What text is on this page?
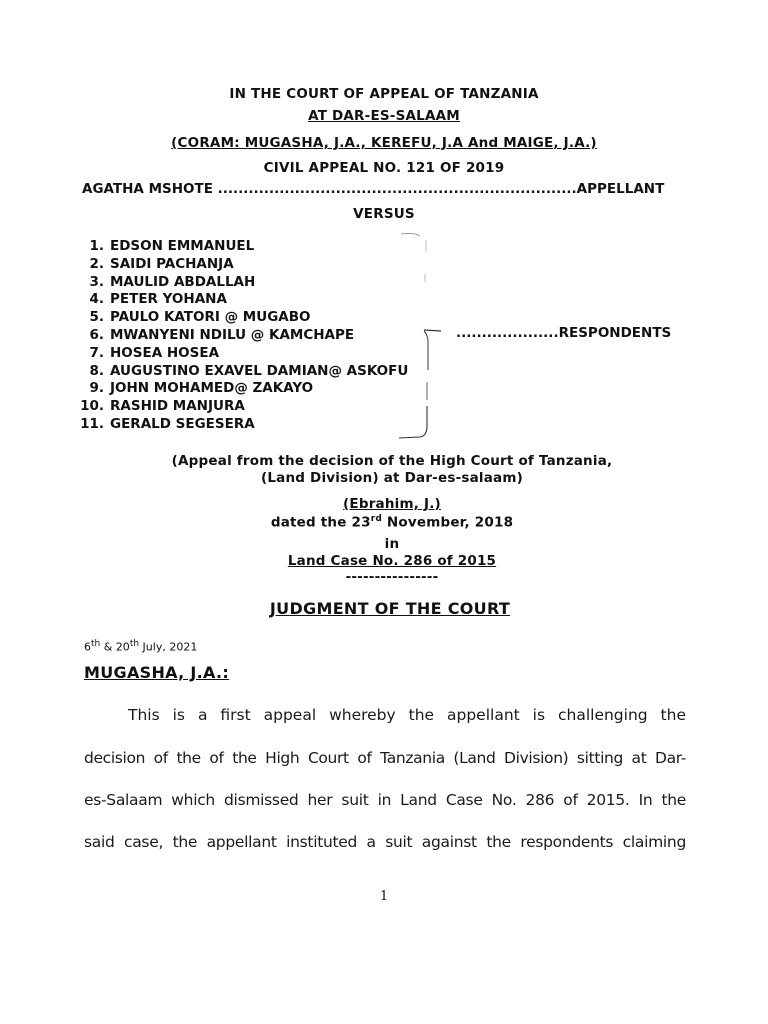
IN THE COURT OF APPEAL OF TANZANIA
AT DAR-ES-SALAAM
(CORAM: MUGASHA, J.A., KEREFU, J.A And MAIGE, J.A.)
CIVIL APPEAL NO. 121 OF 2019
AGATHA MSHOTE ......................................................................APPELLANT
VERSUS
1. EDSON EMMANUEL
2. SAIDI PACHANJA
3. MAULID ABDALLAH
4. PETER YOHANA
5. PAULO KATORI @ MUGABO
6. MWANYENI NDILU @ KAMCHAPE
7. HOSEA HOSEA
8. AUGUSTINO EXAVEL DAMIAN@ ASKOFU
9. JOHN MOHAMED@ ZAKAYO
10. RASHID MANJURA
11. GERALD SEGESERA
....................RESPONDENTS
(Appeal from the decision of the High Court of Tanzania,
(Land Division) at Dar-es-salaam)
(Ebrahim, J.)
dated the 23rd November, 2018
in
Land Case No. 286 of 2015
----------------
JUDGMENT OF THE COURT
6th & 20th July, 2021
MUGASHA, J.A.:
This is a first appeal whereby the appellant is challenging the
decision of the of the High Court of Tanzania (Land Division) sitting at Dar-
es-Salaam which dismissed her suit in Land Case No. 286 of 2015. In the
said case, the appellant instituted a suit against the respondents claiming
1
